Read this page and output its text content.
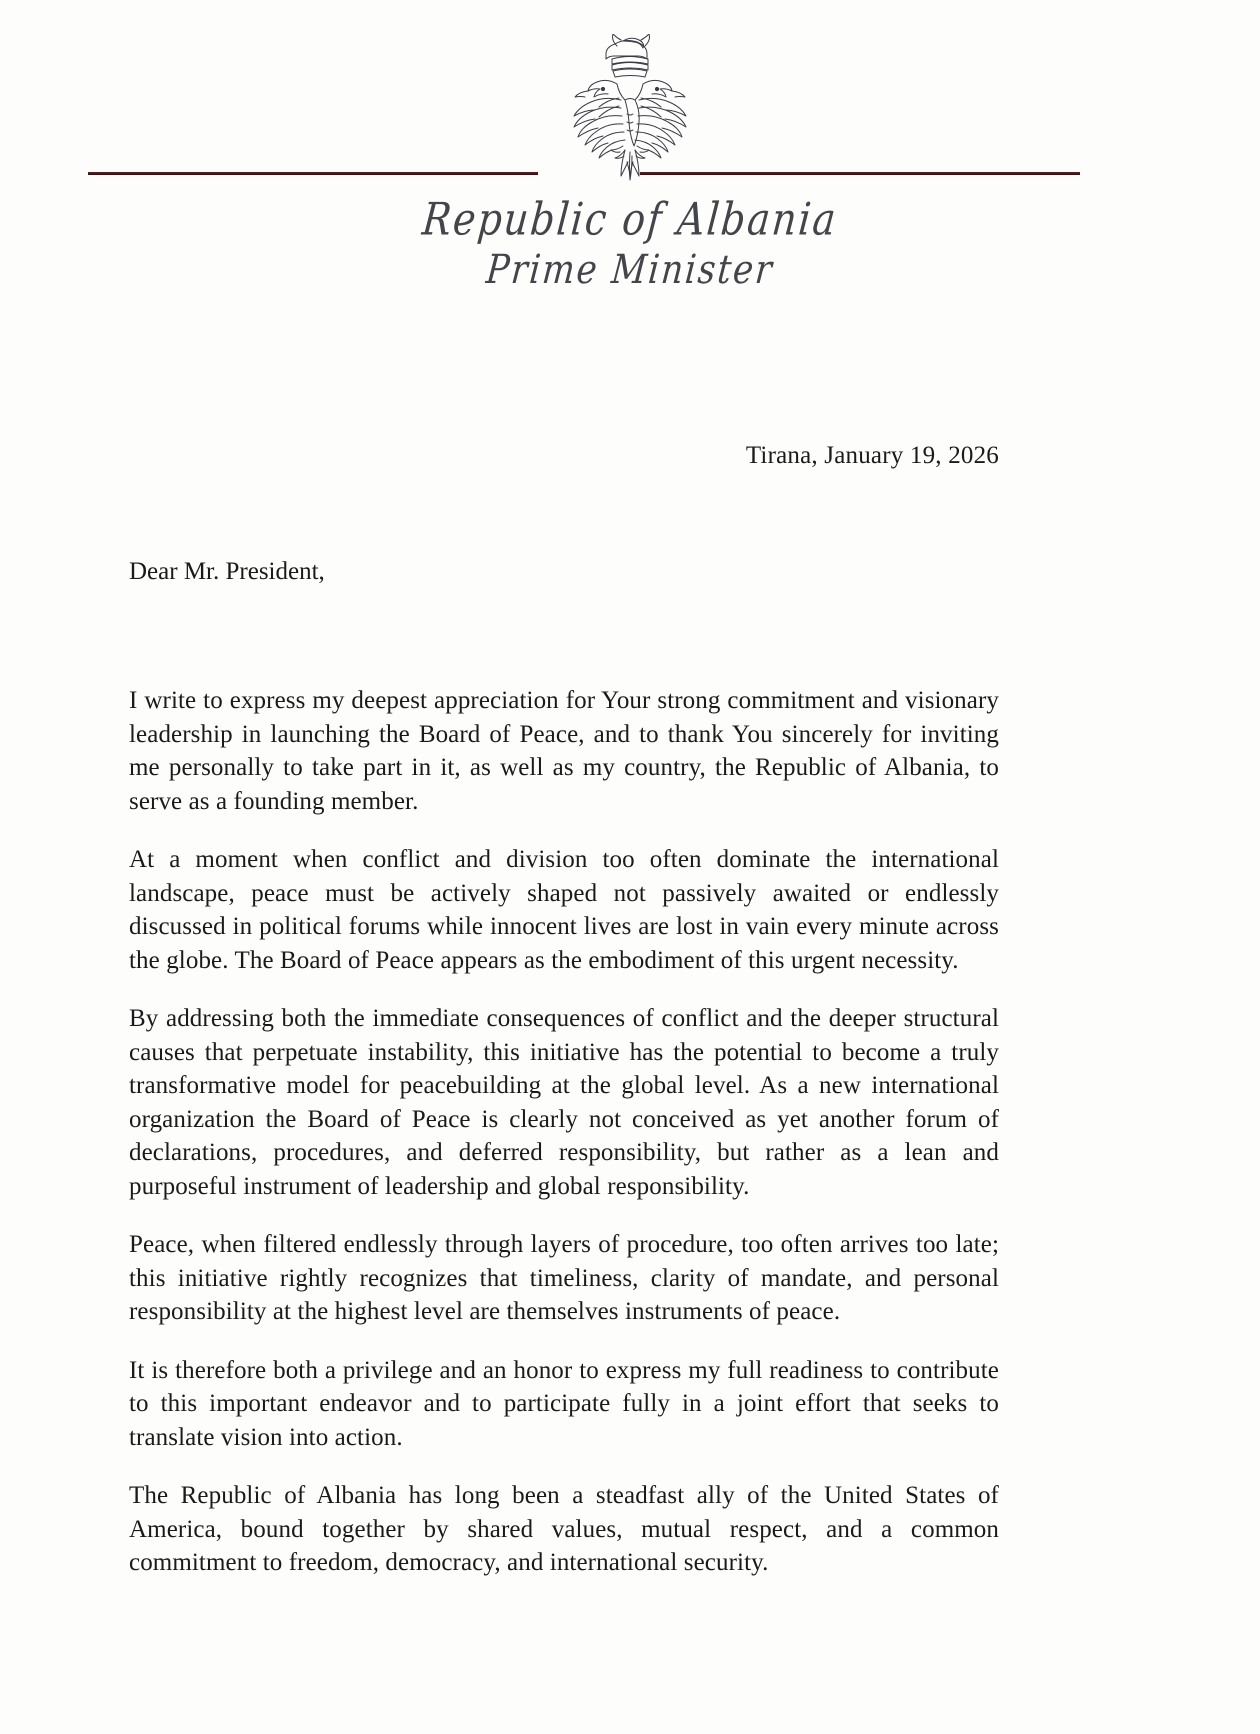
Republic of Albania
Prime Minister
Tirana, January 19, 2026
Dear Mr. President,

I write to express my deepest appreciation for Your strong commitment and visionary leadership in launching the Board of Peace, and to thank You sincerely for inviting me personally to take part in it, as well as my country, the Republic of Albania, to serve as a founding member.

At a moment when conflict and division too often dominate the international landscape, peace must be actively shaped not passively awaited or endlessly discussed in political forums while innocent lives are lost in vain every minute across the globe. The Board of Peace appears as the embodiment of this urgent necessity.

By addressing both the immediate consequences of conflict and the deeper structural causes that perpetuate instability, this initiative has the potential to become a truly transformative model for peacebuilding at the global level. As a new international organization the Board of Peace is clearly not conceived as yet another forum of declarations, procedures, and deferred responsibility, but rather as a lean and purposeful instrument of leadership and global responsibility.

Peace, when filtered endlessly through layers of procedure, too often arrives too late; this initiative rightly recognizes that timeliness, clarity of mandate, and personal responsibility at the highest level are themselves instruments of peace.

It is therefore both a privilege and an honor to express my full readiness to contribute to this important endeavor and to participate fully in a joint effort that seeks to translate vision into action.

The Republic of Albania has long been a steadfast ally of the United States of America, bound together by shared values, mutual respect, and a common commitment to freedom, democracy, and international security.
